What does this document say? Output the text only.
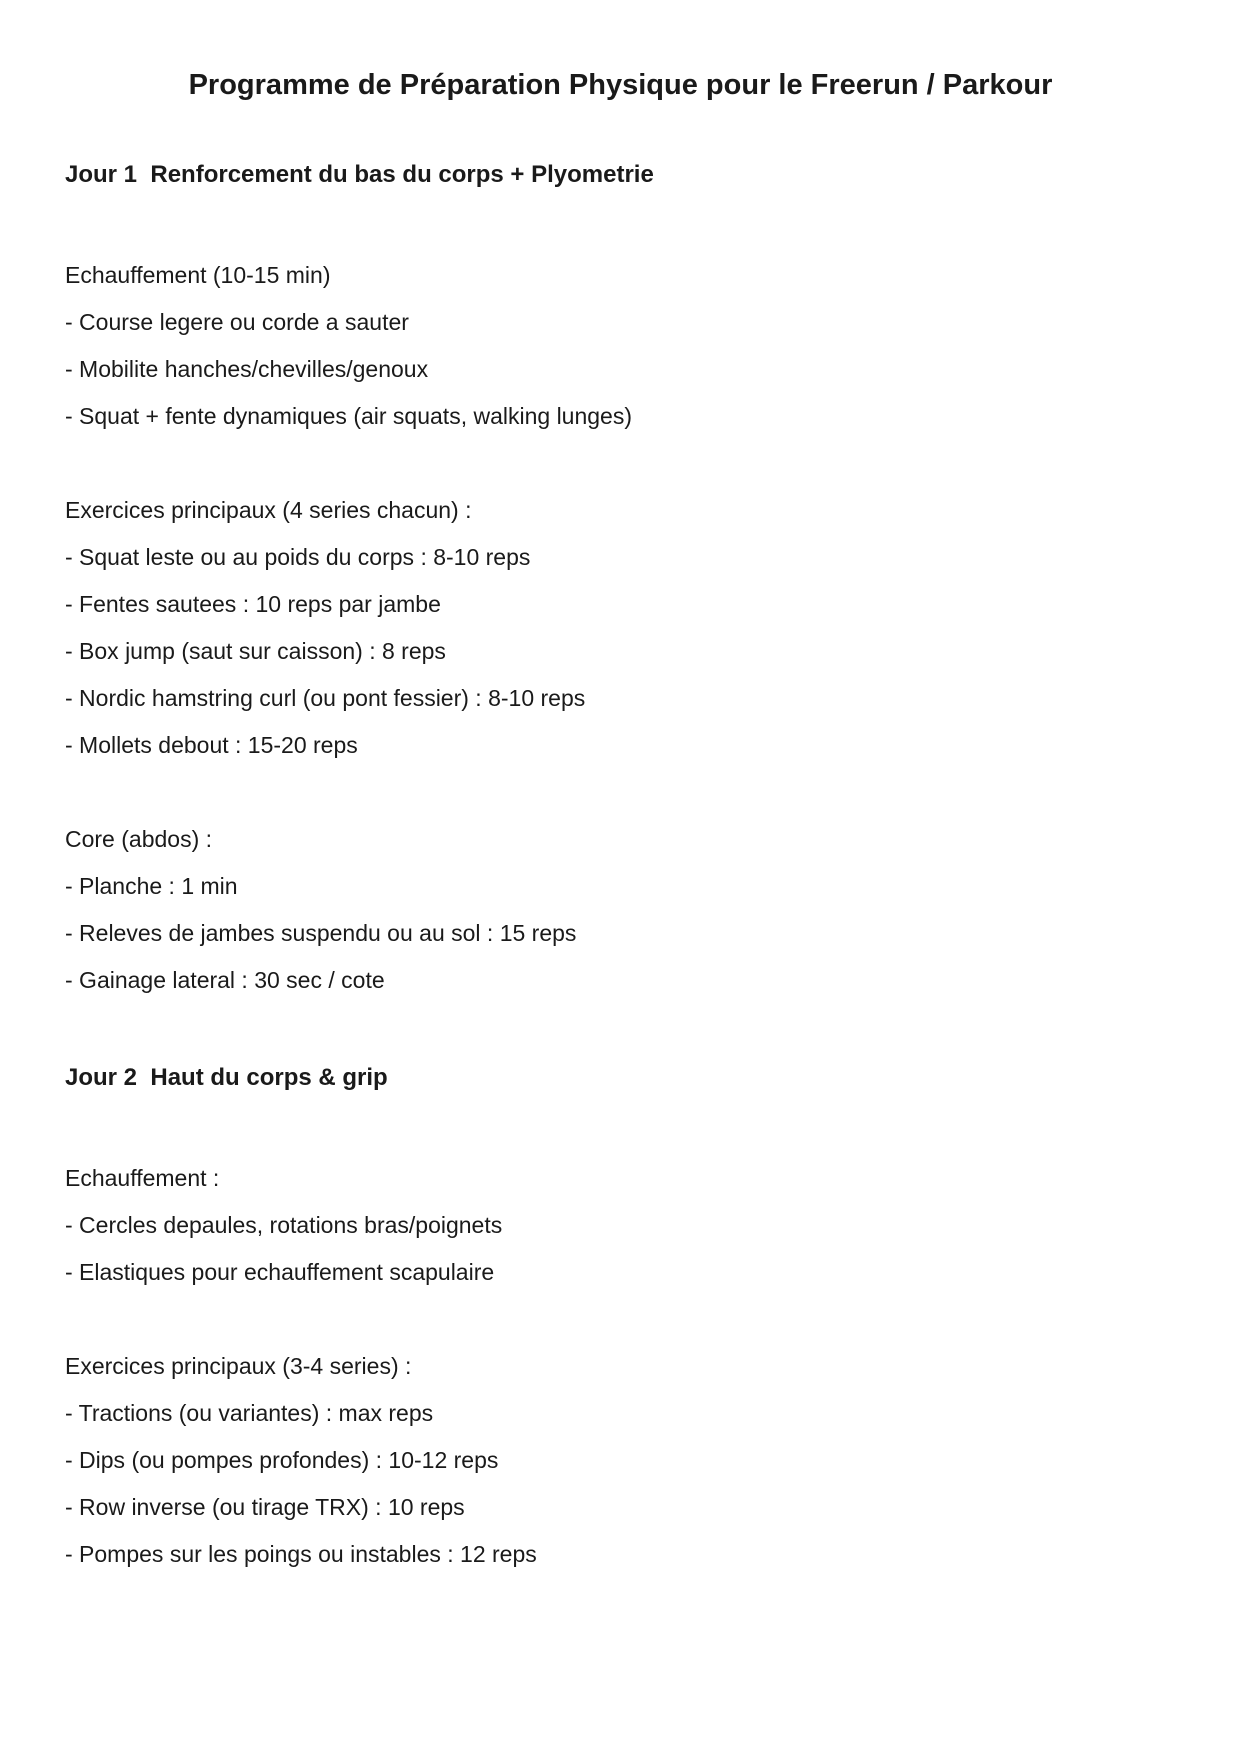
Programme de Préparation Physique pour le Freerun / Parkour
Jour 1  Renforcement du bas du corps + Plyometrie

Echauffement (10-15 min)

- Course legere ou corde a sauter

- Mobilite hanches/chevilles/genoux

- Squat + fente dynamiques (air squats, walking lunges)

Exercices principaux (4 series chacun) :

- Squat leste ou au poids du corps : 8-10 reps

- Fentes sautees : 10 reps par jambe

- Box jump (saut sur caisson) : 8 reps

- Nordic hamstring curl (ou pont fessier) : 8-10 reps

- Mollets debout : 15-20 reps

Core (abdos) :

- Planche : 1 min

- Releves de jambes suspendu ou au sol : 15 reps

- Gainage lateral : 30 sec / cote

Jour 2  Haut du corps & grip

Echauffement :

- Cercles depaules, rotations bras/poignets

- Elastiques pour echauffement scapulaire

Exercices principaux (3-4 series) :

- Tractions (ou variantes) : max reps

- Dips (ou pompes profondes) : 10-12 reps

- Row inverse (ou tirage TRX) : 10 reps

- Pompes sur les poings ou instables : 12 reps
